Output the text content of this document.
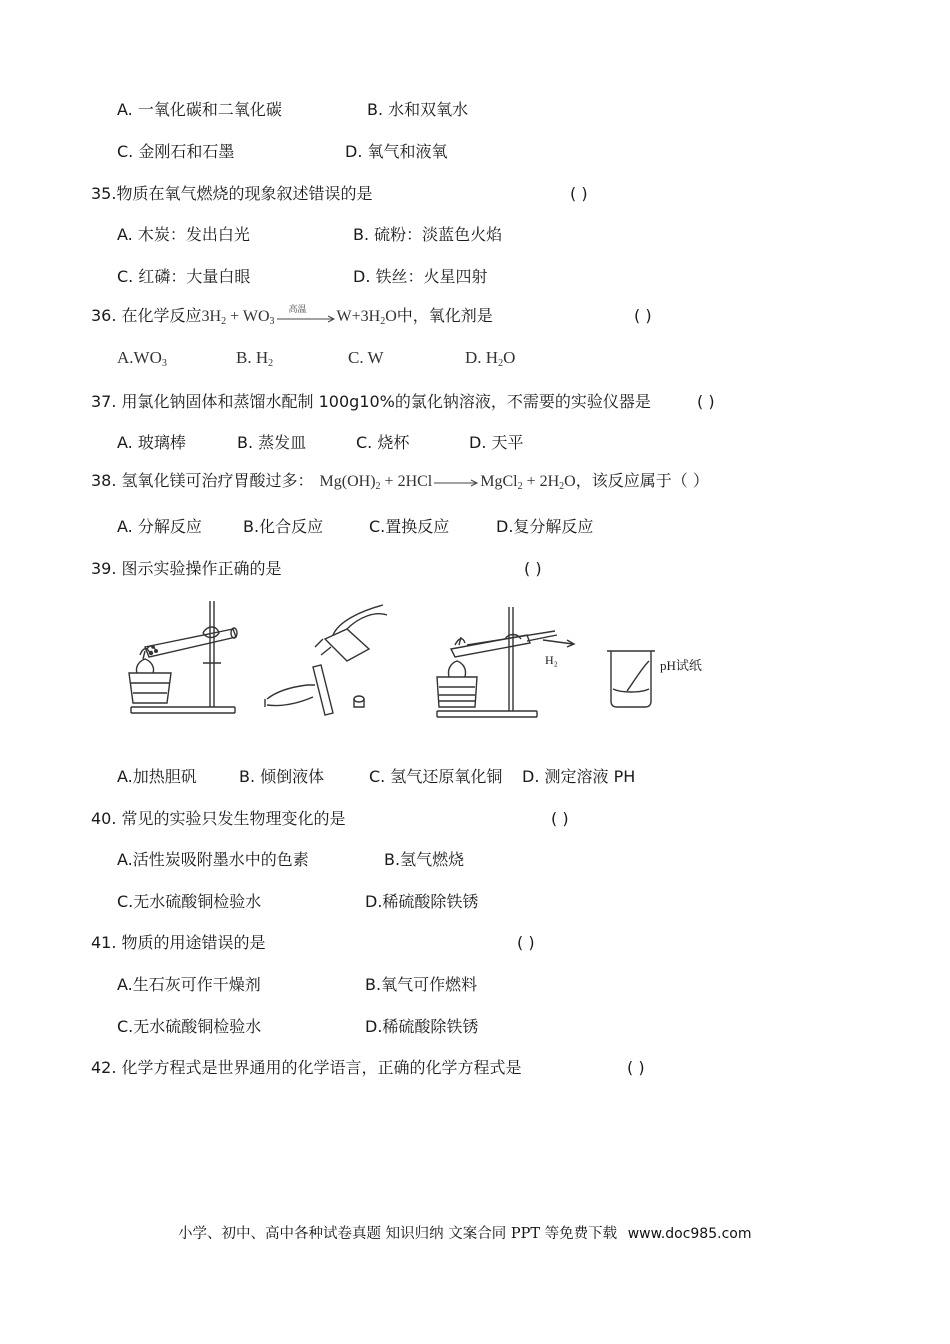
A. 一氧化碳和二氧化碳	B. 水和双氧水
C. 金刚石和石墨	D. 氧气和液氧
35.物质在氧气燃烧的现象叙述错误的是	( )
A. 木炭：发出白光	B. 硫粉：淡蓝色火焰
C. 红磷：大量白眼	D. 铁丝：火星四射
36. 在化学反应$3H_2 + WO_3$
高温 $W+3H_2O$中，氧化剂是	( )
$A.WO_3$	B. $H_2$	C. W	D. $H_2O$
37. 用氯化钠固体和蒸馏水配制 100g10%的氯化钠溶液，不需要的实验仪器是	( )
A. 玻璃棒	B. 蒸发皿	C. 烧杯	D. 天平
38. 氢氧化镁可治疗胃酸过多： $Mg(OH)_2 + 2HCl$	MgCl$_2$ + $2H_2O$，该反应属于（ ）
A. 分解反应	B.化合反应	C.置换反应	D.复分解反应
39. 图示实验操作正确的是	( )
H₂	pH试纸
A.加热胆矾	B. 倾倒液体	C. 氢气还原氧化铜 D. 测定溶液 PH
40. 常见的实验只发生物理变化的是	( )
A.活性炭吸附墨水中的色素	B.氢气燃烧
C.无水硫酸铜检验水	D.稀硫酸除铁锈
41. 物质的用途错误的是	( )
A.生石灰可作干燥剂	B.氧气可作燃料
C.无水硫酸铜检验水	D.稀硫酸除铁锈
42. 化学方程式是世界通用的化学语言，正确的化学方程式是	( )
小学、初中、高中各种试卷真题 知识归纳 文案合同 PPT 等免费下载 www.doc985.com
